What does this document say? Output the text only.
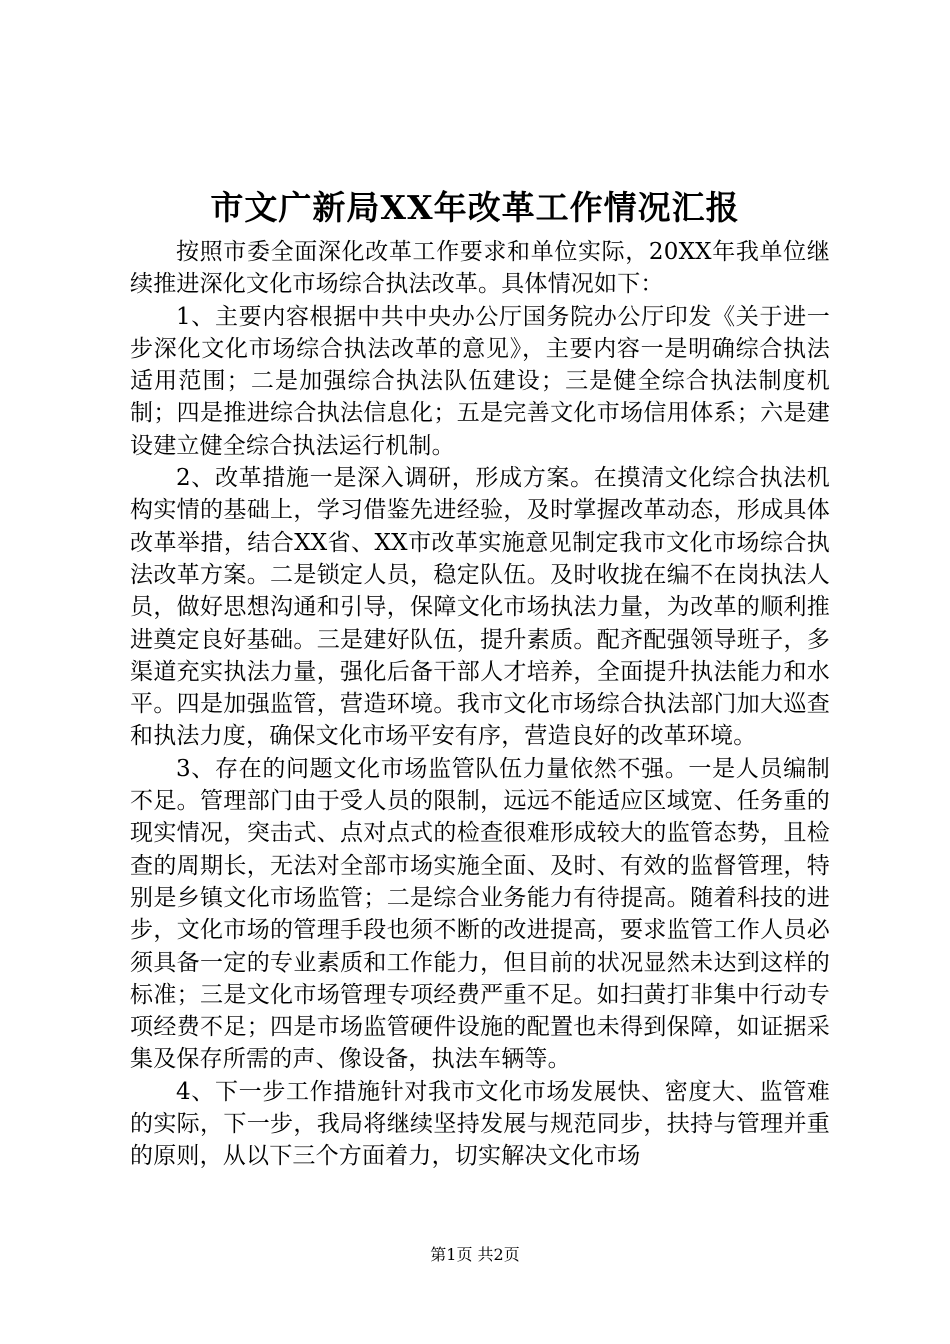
市文广新局XX年改革工作情况汇报

按照市委全面深化改革工作要求和单位实际，20XX年我单位继续推进深化文化市场综合执法改革。具体情况如下：

1、主要内容根据中共中央办公厅国务院办公厅印发《关于进一步深化文化市场综合执法改革的意见》，主要内容一是明确综合执法适用范围；二是加强综合执法队伍建设；三是健全综合执法制度机制；四是推进综合执法信息化；五是完善文化市场信用体系；六是建设建立健全综合执法运行机制。

2、改革措施一是深入调研，形成方案。在摸清文化综合执法机构实情的基础上，学习借鉴先进经验，及时掌握改革动态，形成具体改革举措，结合XX省、XX市改革实施意见制定我市文化市场综合执法改革方案。二是锁定人员，稳定队伍。及时收拢在编不在岗执法人员，做好思想沟通和引导，保障文化市场执法力量，为改革的顺利推进奠定良好基础。三是建好队伍，提升素质。配齐配强领导班子，多渠道充实执法力量，强化后备干部人才培养，全面提升执法能力和水平。四是加强监管，营造环境。我市文化市场综合执法部门加大巡查和执法力度，确保文化市场平安有序，营造良好的改革环境。

3、存在的问题文化市场监管队伍力量依然不强。一是人员编制不足。管理部门由于受人员的限制，远远不能适应区域宽、任务重的现实情况，突击式、点对点式的检查很难形成较大的监管态势，且检查的周期长，无法对全部市场实施全面、及时、有效的监督管理，特别是乡镇文化市场监管；二是综合业务能力有待提高。随着科技的进步，文化市场的管理手段也须不断的改进提高，要求监管工作人员必须具备一定的专业素质和工作能力，但目前的状况显然未达到这样的标准；三是文化市场管理专项经费严重不足。如扫黄打非集中行动专项经费不足；四是市场监管硬件设施的配置也未得到保障，如证据采集及保存所需的声、像设备，执法车辆等。

4、下一步工作措施针对我市文化市场发展快、密度大、监管难的实际，下一步，我局将继续坚持发展与规范同步，扶持与管理并重的原则，从以下三个方面着力，切实解决文化市场

第1页 共2页
